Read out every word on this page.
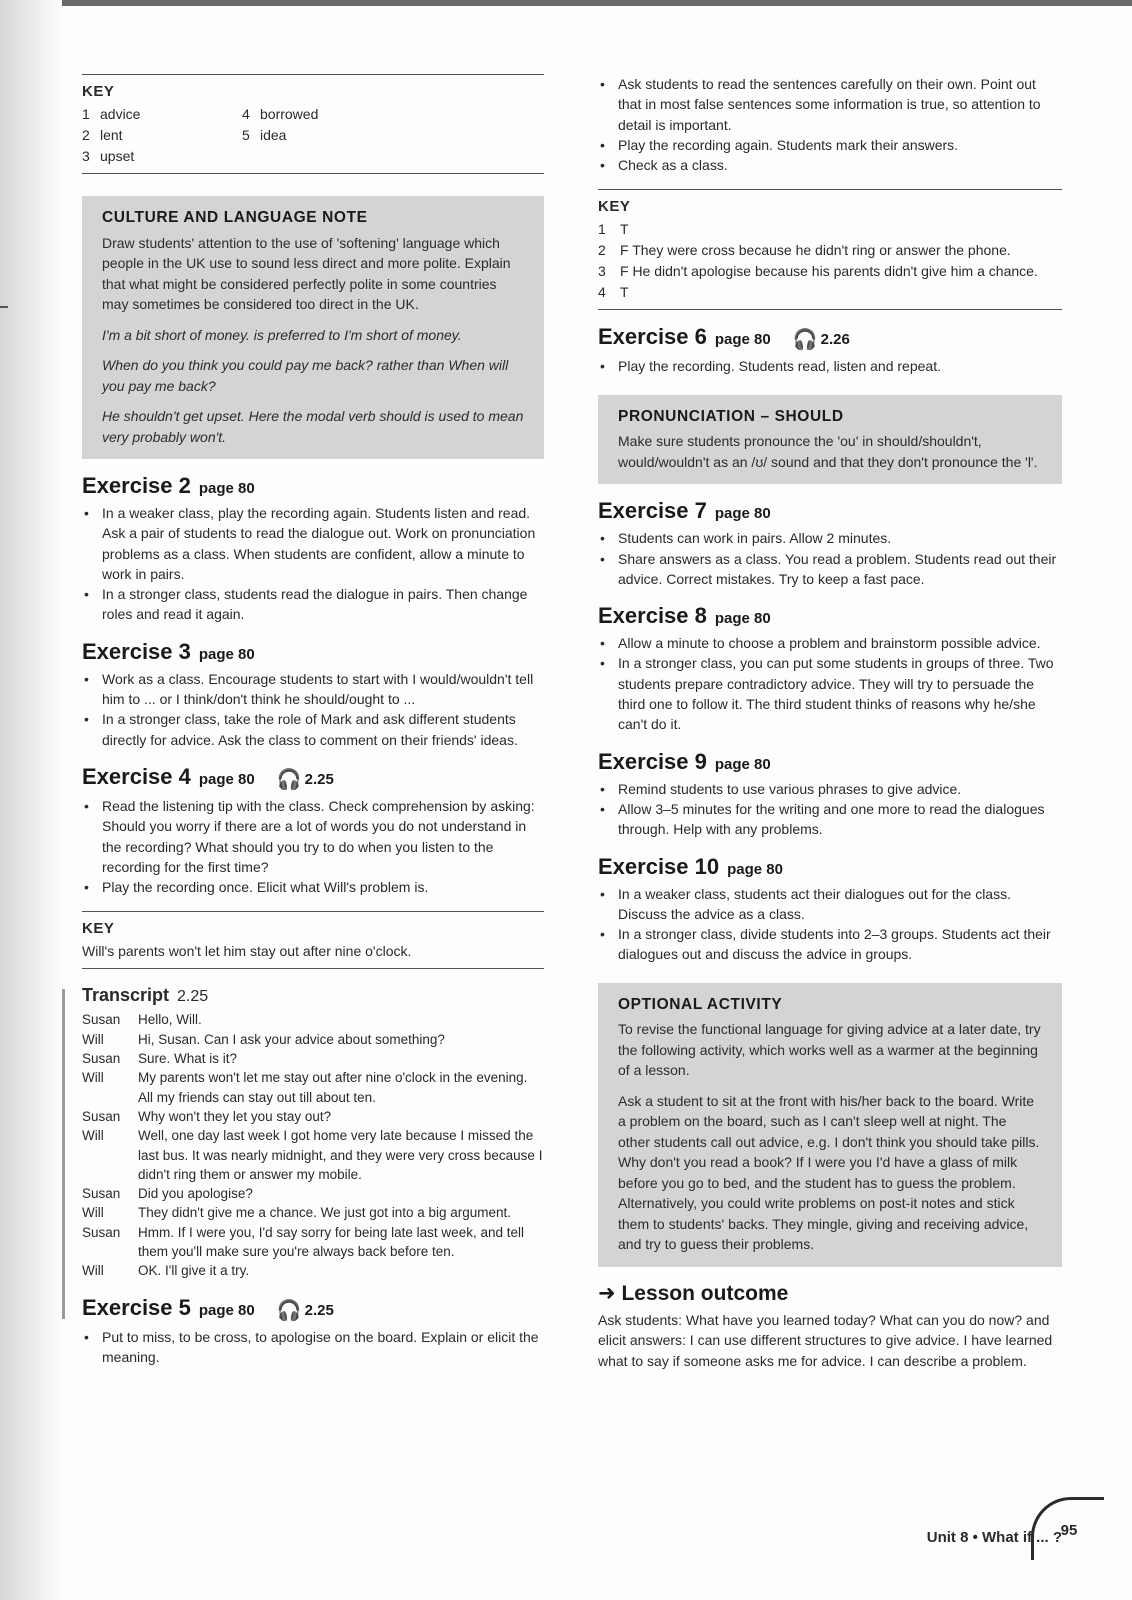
KEY
1 advice	4 borrowed
2 lent	5 idea
3 upset
CULTURE AND LANGUAGE NOTE

Draw students' attention to the use of 'softening' language which people in the UK use to sound less direct and more polite. Explain that what might be considered perfectly polite in some countries may sometimes be considered too direct in the UK.

I'm a bit short of money. is preferred to I'm short of money.

When do you think you could pay me back? rather than When will you pay me back?

He shouldn't get upset. Here the modal verb should is used to mean very probably won't.

Exercise 2 page 80
• In a weaker class, play the recording again. Students listen and read. Ask a pair of students to read the dialogue out. Work on pronunciation problems as a class. When students are confident, allow a minute to work in pairs.
• In a stronger class, students read the dialogue in pairs. Then change roles and read it again.
Exercise 3 page 80
• Work as a class. Encourage students to start with I would/wouldn't tell him to ... or I think/don't think he should/ought to ...
• In a stronger class, take the role of Mark and ask different students directly for advice. Ask the class to comment on their friends' ideas.
Exercise 4 page 80 🎧 2.25
• Read the listening tip with the class. Check comprehension by asking: Should you worry if there are a lot of words you do not understand in the recording? What should you try to do when you listen to the recording for the first time?
• Play the recording once. Elicit what Will's problem is.
KEY
Will's parents won't let him stay out after nine o'clock.
Transcript 2.25
Susan	Hello, Will.
Will	Hi, Susan. Can I ask your advice about something?
Susan	Sure. What is it?
Will	My parents won't let me stay out after nine o'clock in the evening. All my friends can stay out till about ten.
Susan	Why won't they let you stay out?
Will	Well, one day last week I got home very late because I missed the last bus. It was nearly midnight, and they were very cross because I didn't ring them or answer my mobile.
Susan	Did you apologise?
Will	They didn't give me a chance. We just got into a big argument.
Susan	Hmm. If I were you, I'd say sorry for being late last week, and tell them you'll make sure you're always back before ten.
Will	OK. I'll give it a try.
Exercise 5 page 80 🎧 2.25
• Put to miss, to be cross, to apologise on the board. Explain or elicit the meaning.
• Ask students to read the sentences carefully on their own. Point out that in most false sentences some information is true, so attention to detail is important.
• Play the recording again. Students mark their answers.
• Check as a class.
KEY
1	T
2	F They were cross because he didn't ring or answer the phone.
3	F He didn't apologise because his parents didn't give him a chance.
4	T
Exercise 6 page 80 🎧 2.26
• Play the recording. Students read, listen and repeat.
PRONUNCIATION – SHOULD

Make sure students pronounce the 'ou' in should/shouldn't, would/wouldn't as an /ʊ/ sound and that they don't pronounce the 'l'.

Exercise 7 page 80
• Students can work in pairs. Allow 2 minutes.
• Share answers as a class. You read a problem. Students read out their advice. Correct mistakes. Try to keep a fast pace.
Exercise 8 page 80
• Allow a minute to choose a problem and brainstorm possible advice.
• In a stronger class, you can put some students in groups of three. Two students prepare contradictory advice. They will try to persuade the third one to follow it. The third student thinks of reasons why he/she can't do it.
Exercise 9 page 80
• Remind students to use various phrases to give advice.
• Allow 3–5 minutes for the writing and one more to read the dialogues through. Help with any problems.
Exercise 10 page 80
• In a weaker class, students act their dialogues out for the class. Discuss the advice as a class.
• In a stronger class, divide students into 2–3 groups. Students act their dialogues out and discuss the advice in groups.
OPTIONAL ACTIVITY

To revise the functional language for giving advice at a later date, try the following activity, which works well as a warmer at the beginning of a lesson.

Ask a student to sit at the front with his/her back to the board. Write a problem on the board, such as I can't sleep well at night. The other students call out advice, e.g. I don't think you should take pills. Why don't you read a book? If I were you I'd have a glass of milk before you go to bed, and the student has to guess the problem. Alternatively, you could write problems on post-it notes and stick them to students' backs. They mingle, giving and receiving advice, and try to guess their problems.

➜ Lesson outcome
Ask students: What have you learned today? What can you do now? and elicit answers: I can use different structures to give advice. I have learned what to say if someone asks me for advice. I can describe a problem.
Unit 8 • What if ... ?
95
